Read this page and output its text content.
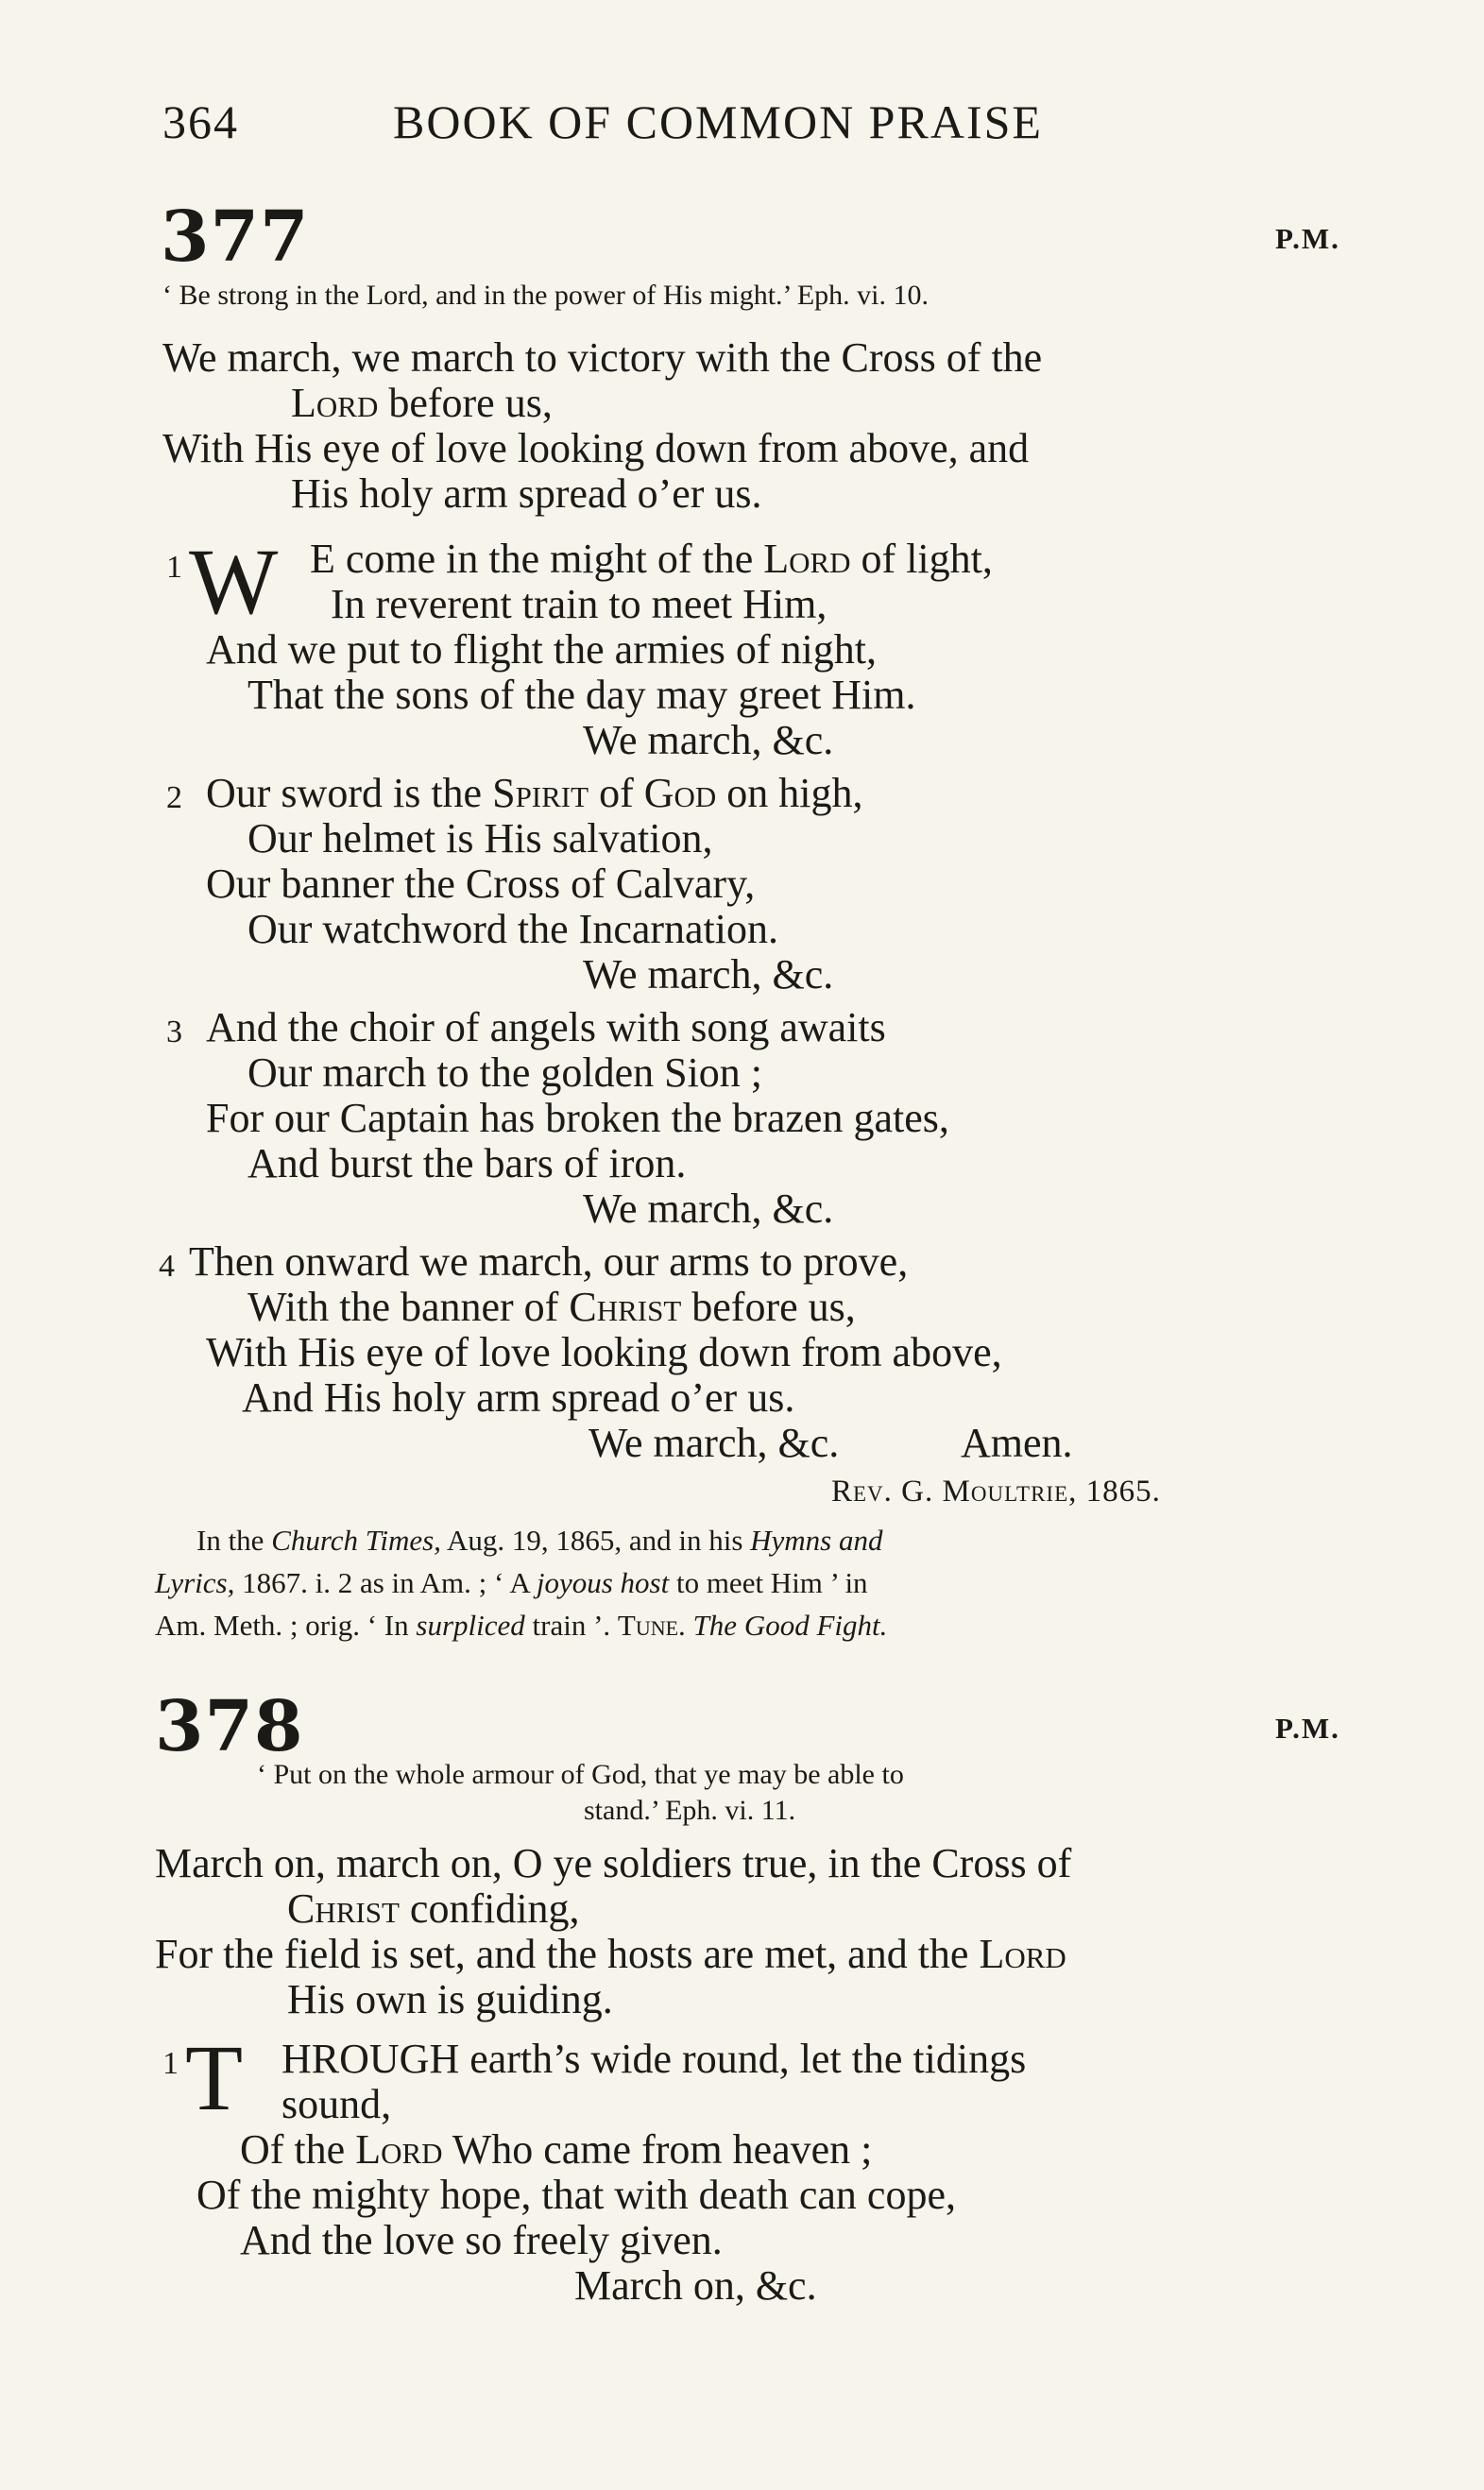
364	BOOK OF COMMON PRAISE
377	P.M.
‘ Be strong in the Lord, and in the power of His might.’ Eph. vi. 10.
We march, we march to victory with the Cross of the
Lord before us,
With His eye of love looking down from above, and
His holy arm spread o’er us.
1 W E come in the might of the Lord of light,
In reverent train to meet Him,
And we put to flight the armies of night,
That the sons of the day may greet Him.
We march, &c.
2 Our sword is the Spirit of God on high,
Our helmet is His salvation,
Our banner the Cross of Calvary,
Our watchword the Incarnation.
We march, &c.
3 And the choir of angels with song awaits
Our march to the golden Sion ;
For our Captain has broken the brazen gates,
And burst the bars of iron.
We march, &c.
4 Then onward we march, our arms to prove,
With the banner of Christ before us,
With His eye of love looking down from above,
And His holy arm spread o’er us.
We march, &c.	Amen.
Rev. G. Moultrie, 1865.
In the Church Times, Aug. 19, 1865, and in his Hymns and
Lyrics, 1867. i. 2 as in Am. ; ‘ A joyous host to meet Him ’ in
Am. Meth. ; orig. ‘ In surpliced train ’. Tune. The Good Fight.
378	P.M.
‘ Put on the whole armour of God, that ye may be able to
stand.’ Eph. vi. 11.
March on, march on, O ye soldiers true, in the Cross of
Christ confiding,
For the field is set, and the hosts are met, and the Lord
His own is guiding.
1 T HROUGH earth’s wide round, let the tidings
sound,
Of the Lord Who came from heaven ;
Of the mighty hope, that with death can cope,
And the love so freely given.
March on, &c.
